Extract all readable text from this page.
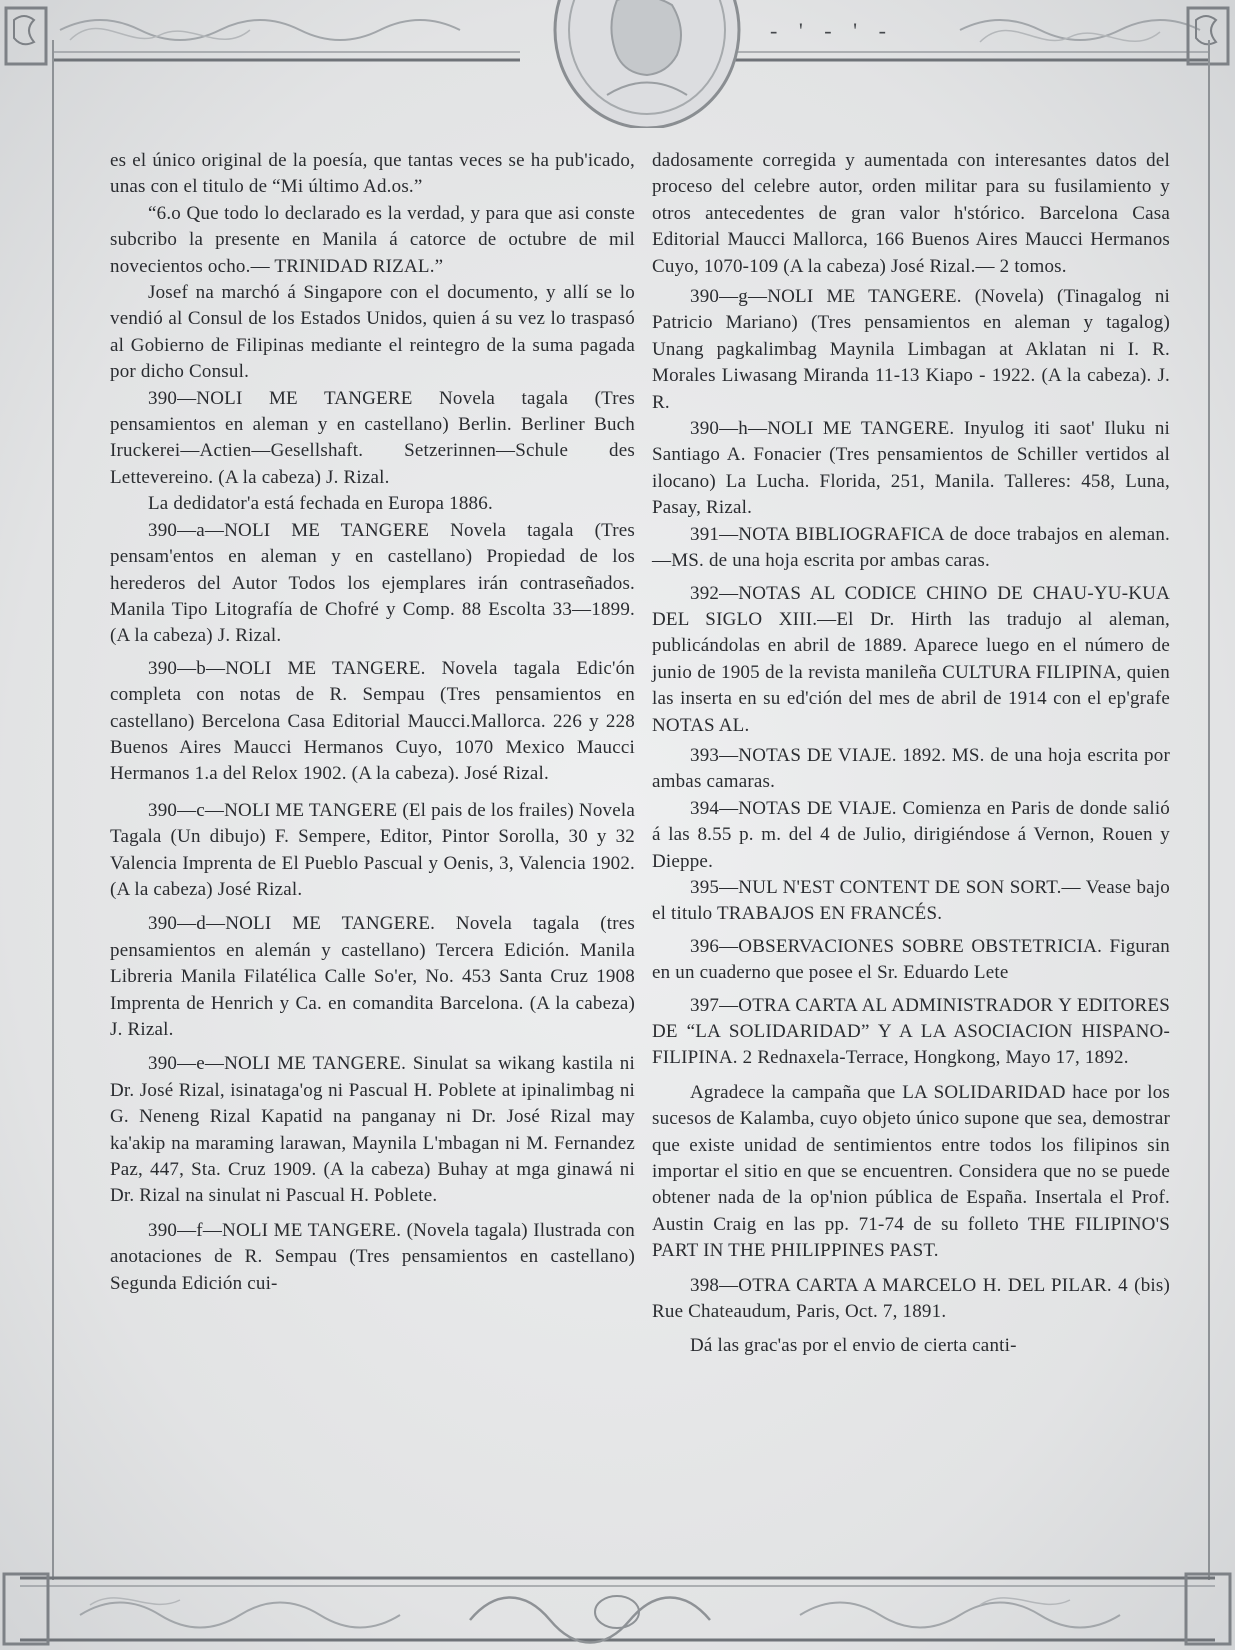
- ' - ' -

es el único original de la poesía, que tantas veces se ha pub'icado, unas con el titulo de “Mi último Ad.os.”

“6.o Que todo lo declarado es la verdad, y para que asi conste subcribo la presente en Manila á catorce de octubre de mil novecientos ocho.— TRINIDAD RIZAL.”

Josef na marchó á Singapore con el documento, y allí se lo vendió al Consul de los Estados Unidos, quien á su vez lo traspasó al Gobierno de Filipinas mediante el reintegro de la suma pagada por dicho Consul.

390—NOLI ME TANGERE Novela tagala (Tres pensamientos en aleman y en castellano) Berlin. Berliner Buch Iruckerei—Actien—Gesellshaft. Setzerinnen—Schule des Lettevereino. (A la cabeza) J. Rizal.

La dedidator'a está fechada en Europa 1886.

390—a—NOLI ME TANGERE Novela tagala (Tres pensam'entos en aleman y en castellano) Propiedad de los herederos del Autor Todos los ejemplares irán contraseñados. Manila Tipo Litografía de Chofré y Comp. 88 Escolta 33—1899. (A la cabeza) J. Rizal.

390—b—NOLI ME TANGERE. Novela tagala Edic'ón completa con notas de R. Sempau (Tres pensamientos en castellano) Bercelona Casa Editorial Maucci.Mallorca. 226 y 228 Buenos Aires Maucci Hermanos Cuyo, 1070 Mexico Maucci Hermanos 1.a del Relox 1902. (A la cabeza). José Rizal.

390—c—NOLI ME TANGERE (El pais de los frailes) Novela Tagala (Un dibujo) F. Sempere, Editor, Pintor Sorolla, 30 y 32 Valencia Imprenta de El Pueblo Pascual y Oenis, 3, Valencia 1902. (A la cabeza) José Rizal.

390—d—NOLI ME TANGERE. Novela tagala (tres pensamientos en alemán y castellano) Tercera Edición. Manila Libreria Manila Filatélica Calle So'er, No. 453 Santa Cruz 1908 Imprenta de Henrich y Ca. en comandita Barcelona. (A la cabeza) J. Rizal.

390—e—NOLI ME TANGERE. Sinulat sa wikang kastila ni Dr. José Rizal, isinataga'og ni Pascual H. Poblete at ipinalimbag ni G. Neneng Rizal Kapatid na panganay ni Dr. José Rizal may ka'akip na maraming larawan, Maynila L'mbagan ni M. Fernandez Paz, 447, Sta. Cruz 1909. (A la cabeza) Buhay at mga ginawá ni Dr. Rizal na sinulat ni Pascual H. Poblete.

390—f—NOLI ME TANGERE. (Novela tagala) Ilustrada con anotaciones de R. Sempau (Tres pensamientos en castellano) Segunda Edición cui-

dadosamente corregida y aumentada con interesantes datos del proceso del celebre autor, orden militar para su fusilamiento y otros antecedentes de gran valor h'stórico. Barcelona Casa Editorial Maucci Mallorca, 166 Buenos Aires Maucci Hermanos Cuyo, 1070-109 (A la cabeza) José Rizal.— 2 tomos.

390—g—NOLI ME TANGERE. (Novela) (Tinagalog ni Patricio Mariano) (Tres pensamientos en aleman y tagalog) Unang pagkalimbag Maynila Limbagan at Aklatan ni I. R. Morales Liwasang Miranda 11-13 Kiapo - 1922. (A la cabeza). J. R.

390—h—NOLI ME TANGERE. Inyulog iti saot' Iluku ni Santiago A. Fonacier (Tres pensamientos de Schiller vertidos al ilocano) La Lucha. Florida, 251, Manila. Talleres: 458, Luna, Pasay, Rizal.

391—NOTA BIBLIOGRAFICA de doce trabajos en aleman.—MS. de una hoja escrita por ambas caras.

392—NOTAS AL CODICE CHINO DE CHAU-YU-KUA DEL SIGLO XIII.—El Dr. Hirth las tradujo al aleman, publicándolas en abril de 1889. Aparece luego en el número de junio de 1905 de la revista manileña CULTURA FILIPINA, quien las inserta en su ed'ción del mes de abril de 1914 con el ep'grafe NOTAS AL.

393—NOTAS DE VIAJE. 1892. MS. de una hoja escrita por ambas camaras.

394—NOTAS DE VIAJE. Comienza en Paris de donde salió á las 8.55 p. m. del 4 de Julio, dirigiéndose á Vernon, Rouen y Dieppe.

395—NUL N'EST CONTENT DE SON SORT.— Vease bajo el titulo TRABAJOS EN FRANCÉS.

396—OBSERVACIONES SOBRE OBSTETRICIA. Figuran en un cuaderno que posee el Sr. Eduardo Lete

397—OTRA CARTA AL ADMINISTRADOR Y EDITORES DE “LA SOLIDARIDAD” Y A LA ASOCIACION HISPANO-FILIPINA. 2 Rednaxela-Terrace, Hongkong, Mayo 17, 1892.

Agradece la campaña que LA SOLIDARIDAD hace por los sucesos de Kalamba, cuyo objeto único supone que sea, demostrar que existe unidad de sentimientos entre todos los filipinos sin importar el sitio en que se encuentren. Considera que no se puede obtener nada de la op'nion pública de España. Insertala el Prof. Austin Craig en las pp. 71-74 de su folleto THE FILIPINO'S PART IN THE PHILIPPINES PAST.

398—OTRA CARTA A MARCELO H. DEL PILAR. 4 (bis) Rue Chateaudum, Paris, Oct. 7, 1891.

Dá las grac'as por el envio de cierta canti-
